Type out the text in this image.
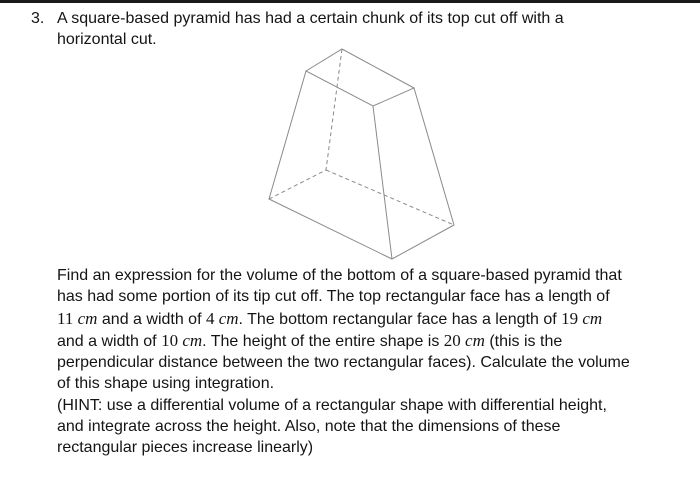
3. A square-based pyramid has had a certain chunk of its top cut off with a
horizontal cut.
Find an expression for the volume of the bottom of a square-based pyramid that
has had some portion of its tip cut off. The top rectangular face has a length of
11 cm and a width of 4 cm. The bottom rectangular face has a length of 19 cm
and a width of 10 cm. The height of the entire shape is 20 cm (this is the
perpendicular distance between the two rectangular faces). Calculate the volume
of this shape using integration.
(HINT: use a differential volume of a rectangular shape with differential height,
and integrate across the height. Also, note that the dimensions of these
rectangular pieces increase linearly)
